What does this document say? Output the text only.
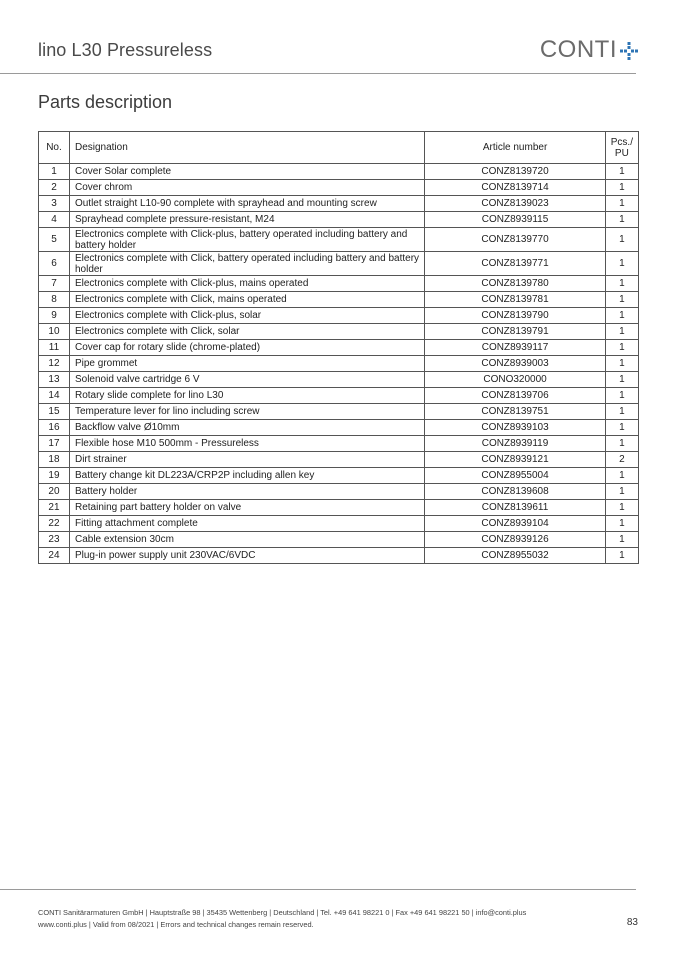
lino L30 Pressureless	CONTI
Parts description
No.	Designation	Article number	Pcs./
PU
1	Cover Solar complete	CONZ8139720	1
2	Cover chrom	CONZ8139714	1
3	Outlet straight L10-90 complete with sprayhead and mounting screw	CONZ8139023	1
4	Sprayhead complete pressure-resistant, M24	CONZ8939115	1
5	Electronics complete with Click-plus, battery operated including battery and battery holder	CONZ8139770	1
6	Electronics complete with Click, battery operated including battery and battery holder	CONZ8139771	1
7	Electronics complete with Click-plus, mains operated	CONZ8139780	1
8	Electronics complete with Click, mains operated	CONZ8139781	1
9	Electronics complete with Click-plus, solar	CONZ8139790	1
10	Electronics complete with Click, solar	CONZ8139791	1
11	Cover cap for rotary slide (chrome-plated)	CONZ8939117	1
12	Pipe grommet	CONZ8939003	1
13	Solenoid valve cartridge 6 V	CONO320000	1
14	Rotary slide complete for lino L30	CONZ8139706	1
15	Temperature lever for lino including screw	CONZ8139751	1
16	Backflow valve Ø10mm	CONZ8939103	1
17	Flexible hose M10 500mm - Pressureless	CONZ8939119	1
18	Dirt strainer	CONZ8939121	2
19	Battery change kit DL223A/CRP2P including allen key	CONZ8955004	1
20	Battery holder	CONZ8139608	1
21	Retaining part battery holder on valve	CONZ8139611	1
22	Fitting attachment complete	CONZ8939104	1
23	Cable extension 30cm	CONZ8939126	1
24	Plug-in power supply unit 230VAC/6VDC	CONZ8955032	1
CONTI Sanitärarmaturen GmbH | Hauptstraße 98 | 35435 Wettenberg | Deutschland | Tel. +49 641 98221 0 | Fax +49 641 98221 50 | info@conti.plus
www.conti.plus | Valid from 08/2021 | Errors and technical changes remain reserved.	83
